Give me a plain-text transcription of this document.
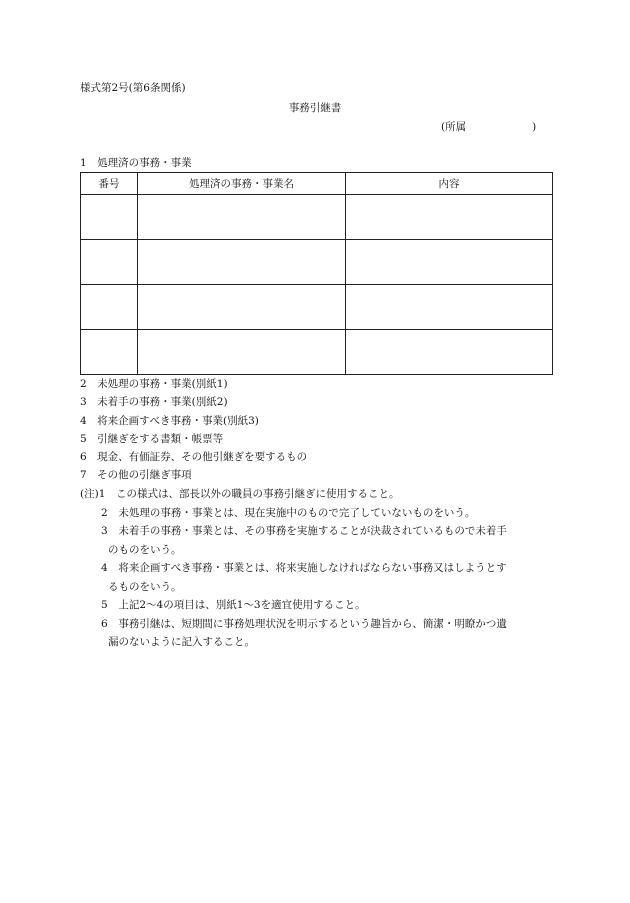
様式第2号(第6条関係)
事務引継書
(所属	)
1　処理済の事務・事業
番号	処理済の事務・事業名	内容

2　未処理の事務・事業(別紙1)
3　未着手の事務・事業(別紙2)
4　将来企画すべき事務・事業(別紙3)
5　引継ぎをする書類・帳票等
6　現金、有価証券、その他引継ぎを要するもの
7　その他の引継ぎ事項
(注)1 この様式は、部長以外の職員の事務引継ぎに使用すること。
2 未処理の事務・事業とは、現在実施中のもので完了していないものをいう。
3 未着手の事務・事業とは、その事務を実施することが決裁されているもので未着手
のものをいう。
4 将来企画すべき事務・事業とは、将来実施しなければならない事務又はしようとす
るものをいう。
5 上記2～4の項目は、別紙1～3を適宜使用すること。
6 事務引継は、短期間に事務処理状況を明示するという趣旨から、簡潔・明瞭かつ遺
漏のないように記入すること。
